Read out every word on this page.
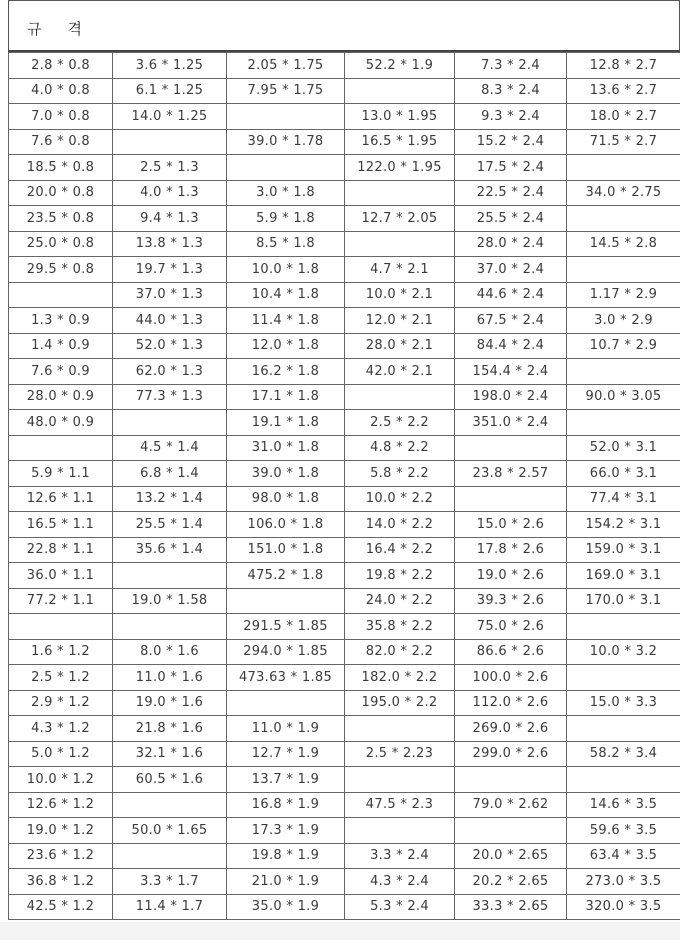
규격
2.8 * 0.8	3.6 * 1.25	2.05 * 1.75	52.2 * 1.9	7.3 * 2.4	12.8 * 2.7
4.0 * 0.8	6.1 * 1.25	7.95 * 1.75		8.3 * 2.4	13.6 * 2.7
7.0 * 0.8	14.0 * 1.25		13.0 * 1.95	9.3 * 2.4	18.0 * 2.7
7.6 * 0.8		39.0 * 1.78	16.5 * 1.95	15.2 * 2.4	71.5 * 2.7
18.5 * 0.8	2.5 * 1.3		122.0 * 1.95	17.5 * 2.4	
20.0 * 0.8	4.0 * 1.3	3.0 * 1.8		22.5 * 2.4	34.0 * 2.75
23.5 * 0.8	9.4 * 1.3	5.9 * 1.8	12.7 * 2.05	25.5 * 2.4	
25.0 * 0.8	13.8 * 1.3	8.5 * 1.8		28.0 * 2.4	14.5 * 2.8
29.5 * 0.8	19.7 * 1.3	10.0 * 1.8	4.7 * 2.1	37.0 * 2.4	
	37.0 * 1.3	10.4 * 1.8	10.0 * 2.1	44.6 * 2.4	1.17 * 2.9
1.3 * 0.9	44.0 * 1.3	11.4 * 1.8	12.0 * 2.1	67.5 * 2.4	3.0 * 2.9
1.4 * 0.9	52.0 * 1.3	12.0 * 1.8	28.0 * 2.1	84.4 * 2.4	10.7 * 2.9
7.6 * 0.9	62.0 * 1.3	16.2 * 1.8	42.0 * 2.1	154.4 * 2.4	
28.0 * 0.9	77.3 * 1.3	17.1 * 1.8		198.0 * 2.4	90.0 * 3.05
48.0 * 0.9		19.1 * 1.8	2.5 * 2.2	351.0 * 2.4	
	4.5 * 1.4	31.0 * 1.8	4.8 * 2.2		52.0 * 3.1
5.9 * 1.1	6.8 * 1.4	39.0 * 1.8	5.8 * 2.2	23.8 * 2.57	66.0 * 3.1
12.6 * 1.1	13.2 * 1.4	98.0 * 1.8	10.0 * 2.2		77.4 * 3.1
16.5 * 1.1	25.5 * 1.4	106.0 * 1.8	14.0 * 2.2	15.0 * 2.6	154.2 * 3.1
22.8 * 1.1	35.6 * 1.4	151.0 * 1.8	16.4 * 2.2	17.8 * 2.6	159.0 * 3.1
36.0 * 1.1		475.2 * 1.8	19.8 * 2.2	19.0 * 2.6	169.0 * 3.1
77.2 * 1.1	19.0 * 1.58		24.0 * 2.2	39.3 * 2.6	170.0 * 3.1
		291.5 * 1.85	35.8 * 2.2	75.0 * 2.6	
1.6 * 1.2	8.0 * 1.6	294.0 * 1.85	82.0 * 2.2	86.6 * 2.6	10.0 * 3.2
2.5 * 1.2	11.0 * 1.6	473.63 * 1.85	182.0 * 2.2	100.0 * 2.6	
2.9 * 1.2	19.0 * 1.6		195.0 * 2.2	112.0 * 2.6	15.0 * 3.3
4.3 * 1.2	21.8 * 1.6	11.0 * 1.9		269.0 * 2.6	
5.0 * 1.2	32.1 * 1.6	12.7 * 1.9	2.5 * 2.23	299.0 * 2.6	58.2 * 3.4
10.0 * 1.2	60.5 * 1.6	13.7 * 1.9			
12.6 * 1.2		16.8 * 1.9	47.5 * 2.3	79.0 * 2.62	14.6 * 3.5
19.0 * 1.2	50.0 * 1.65	17.3 * 1.9			59.6 * 3.5
23.6 * 1.2		19.8 * 1.9	3.3 * 2.4	20.0 * 2.65	63.4 * 3.5
36.8 * 1.2	3.3 * 1.7	21.0 * 1.9	4.3 * 2.4	20.2 * 2.65	273.0 * 3.5
42.5 * 1.2	11.4 * 1.7	35.0 * 1.9	5.3 * 2.4	33.3 * 2.65	320.0 * 3.5
